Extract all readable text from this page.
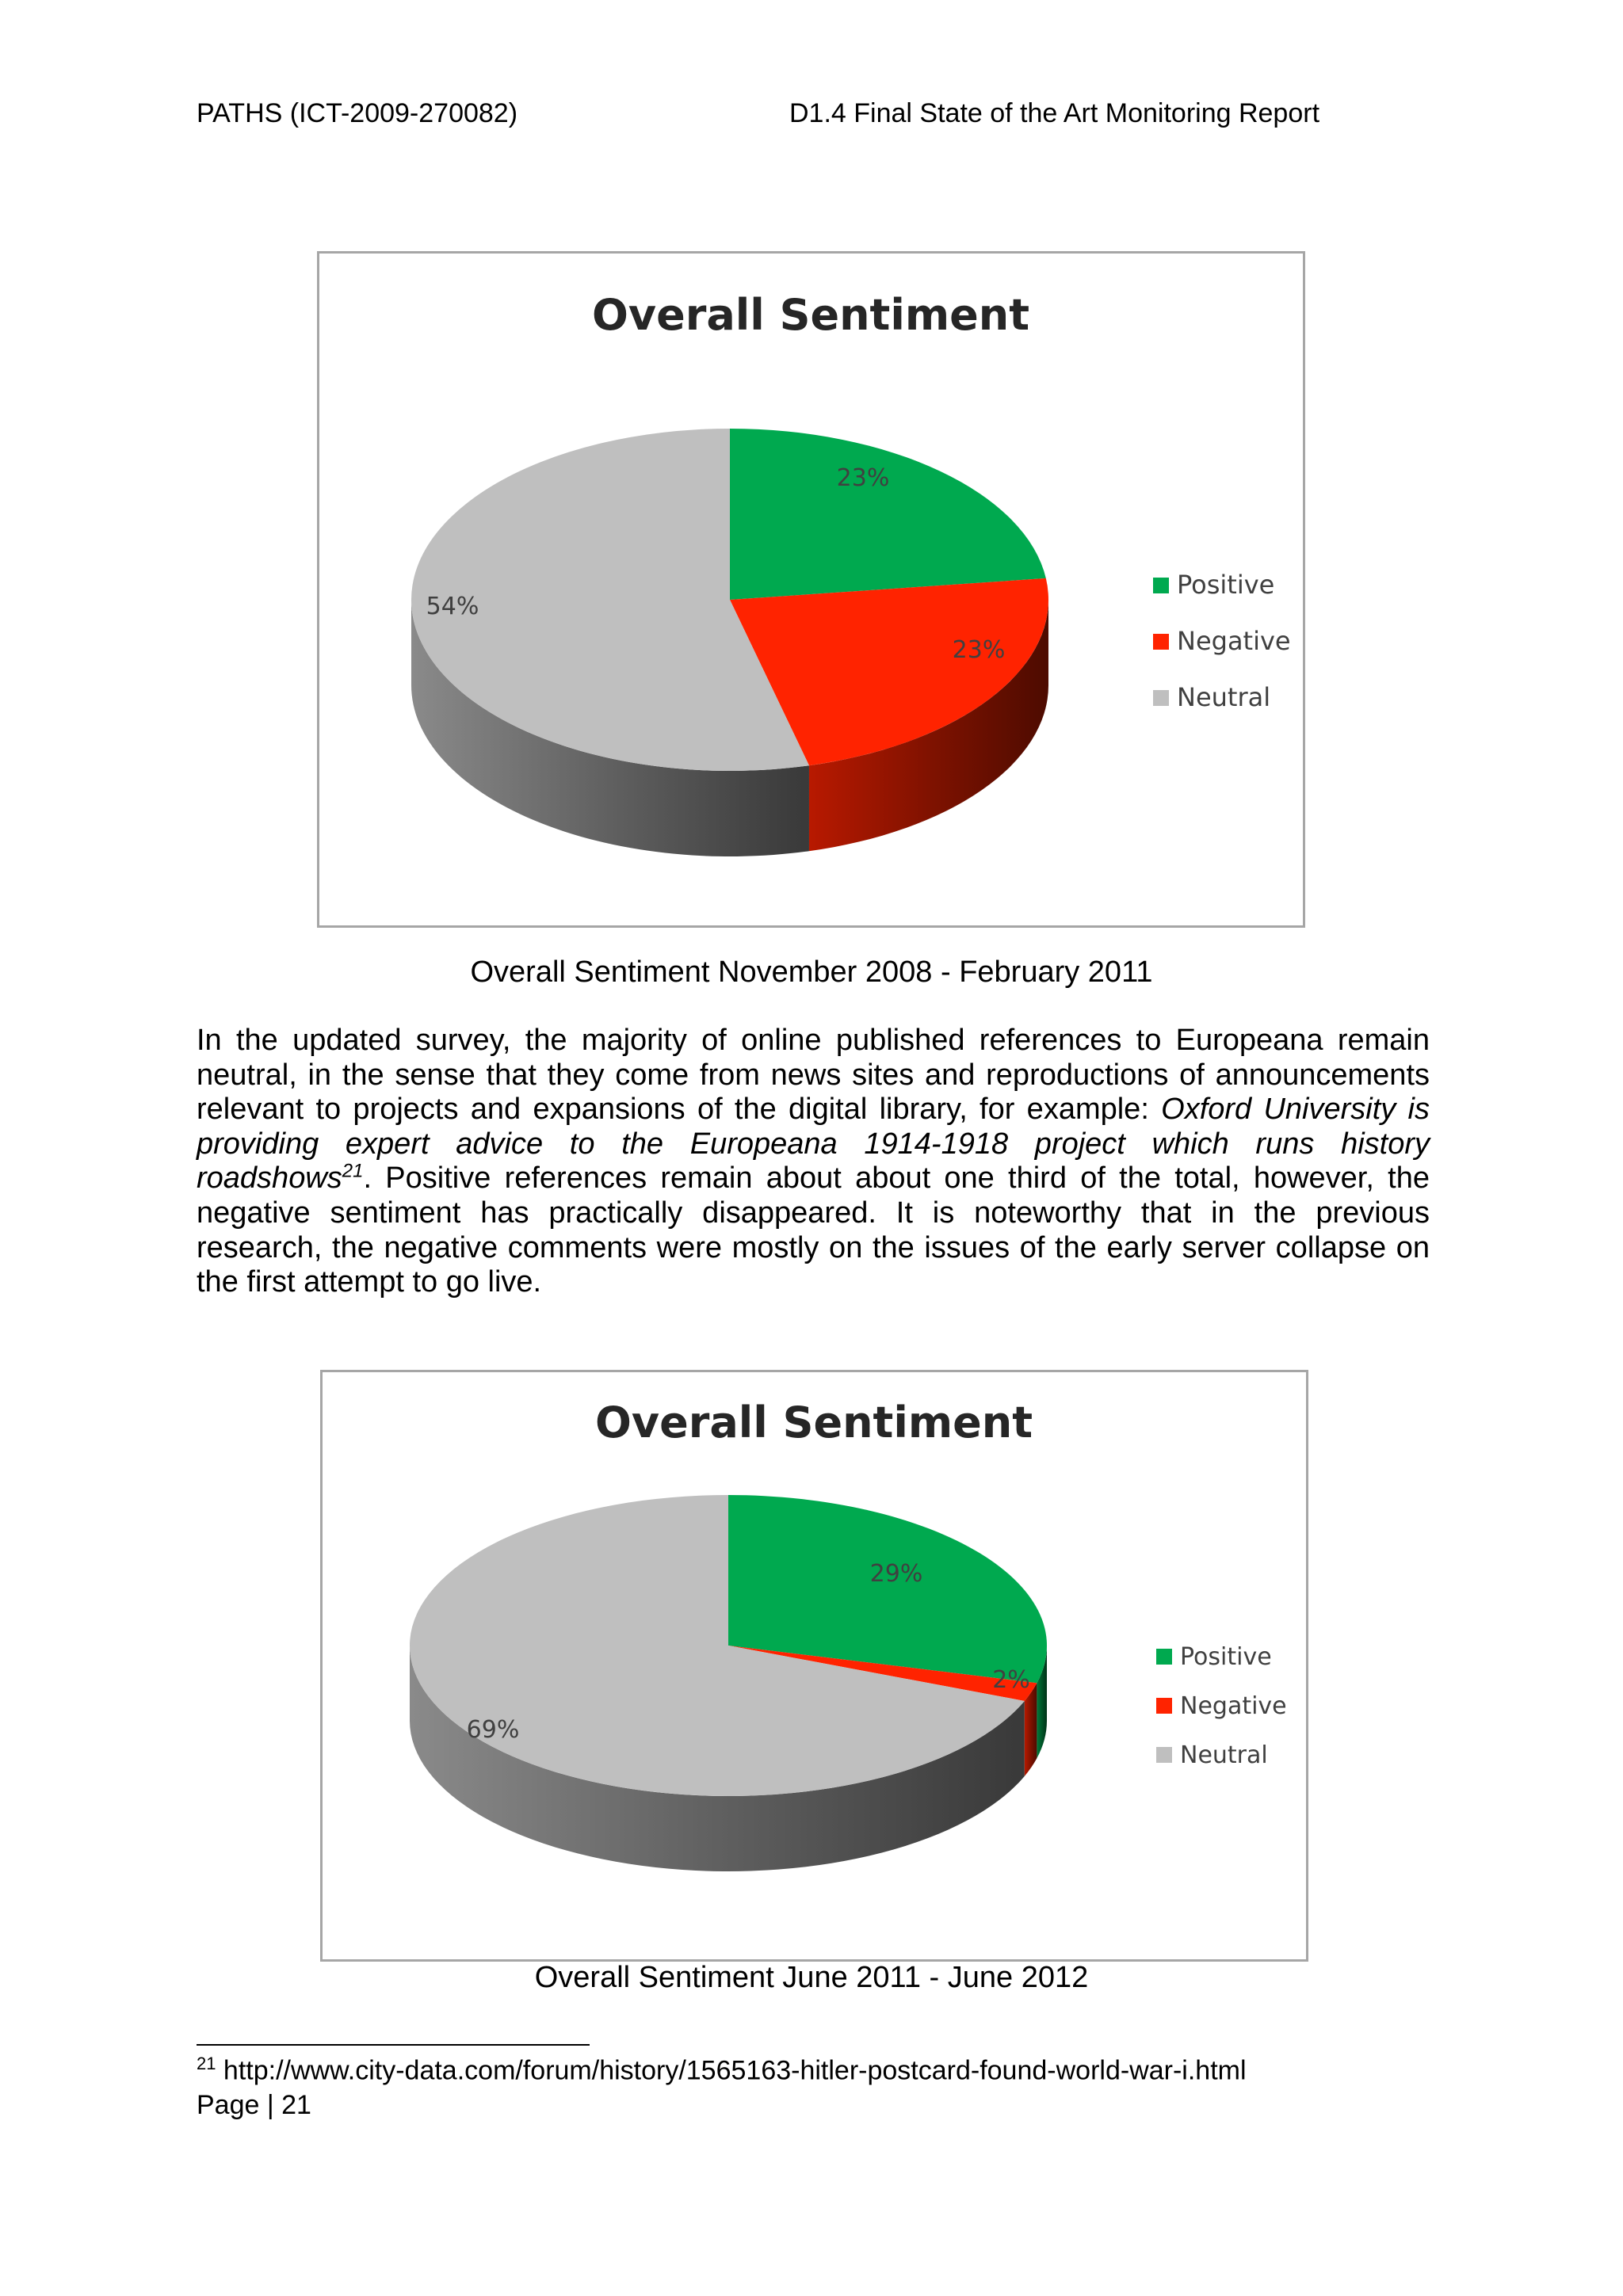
PATHS (ICT-2009-270082)	D1.4 Final State of the Art Monitoring Report
23%
23%
54%
Overall Sentiment
Positive
Negative
Neutral
Overall Sentiment November 2008 - February 2011
In the updated survey, the majority of online published references to Europeana remain neutral, in the sense that they come from news sites and reproductions of announcements relevant to projects and expansions of the digital library, for example: Oxford University is providing expert advice to the Europeana 1914-1918 project which runs history roadshows$^{21}$. Positive references remain about about one third of the total, however, the negative sentiment has practically disappeared. It is noteworthy that in the previous research, the negative comments were mostly on the issues of the early server collapse on the first attempt to go live.
29%
2%
69%
Overall Sentiment
Positive
Negative
Neutral
Overall Sentiment June 2011 - June 2012
$^{21}$ http://www.city-data.com/forum/history/1565163-hitler-postcard-found-world-war-i.html
Page | 21
